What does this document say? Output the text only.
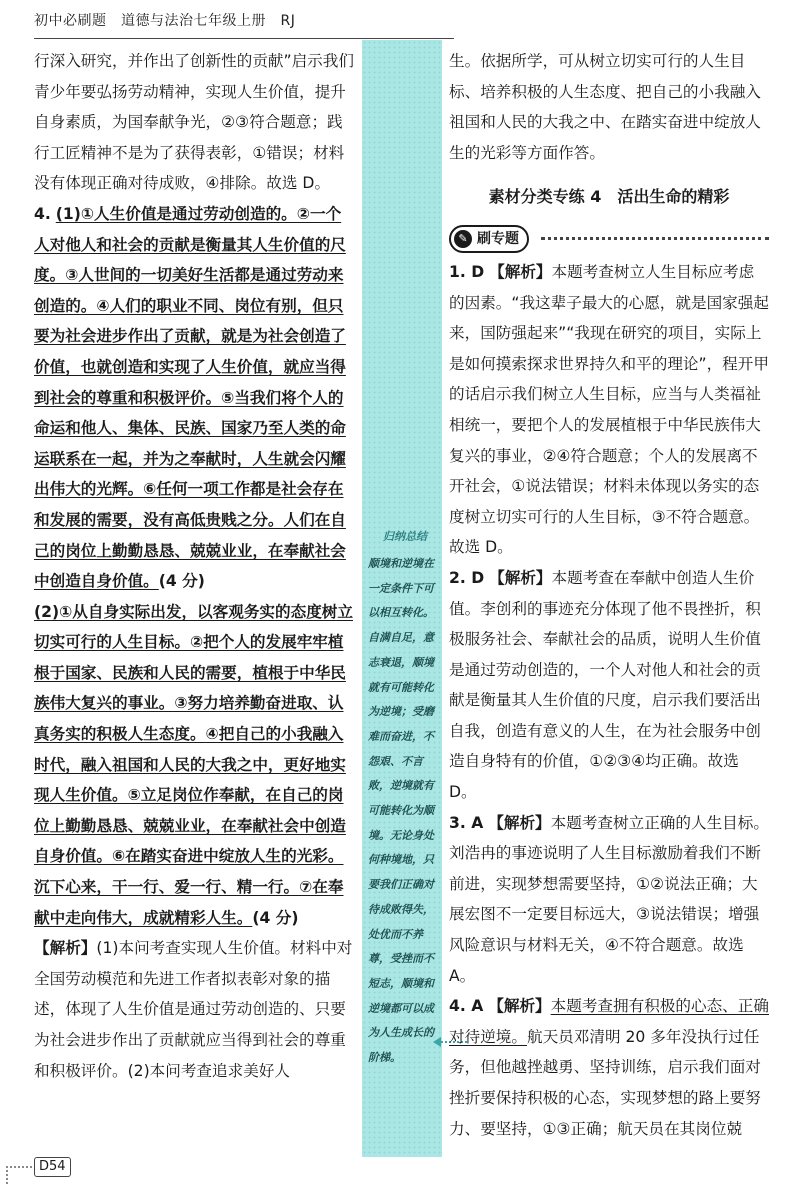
初中必刷题　道德与法治七年级上册　RJ

行深入研究，并作出了创新性的贡献”启示我们青少年要弘扬劳动精神，实现人生价值，提升自身素质，为国奉献争光，②③符合题意；践行工匠精神不是为了获得表彰，①错误；材料没有体现正确对待成败，④排除。故选 D。

4. (1)①人生价值是通过劳动创造的。②一个人对他人和社会的贡献是衡量其人生价值的尺度。③人世间的一切美好生活都是通过劳动来创造的。④人们的职业不同、岗位有别，但只要为社会进步作出了贡献，就是为社会创造了价值，也就创造和实现了人生价值，就应当得到社会的尊重和积极评价。⑤当我们将个人的命运和他人、集体、民族、国家乃至人类的命运联系在一起，并为之奉献时，人生就会闪耀出伟大的光辉。⑥任何一项工作都是社会存在和发展的需要，没有高低贵贱之分。人们在自己的岗位上勤勤恳恳、兢兢业业，在奉献社会中创造自身价值。(4 分)

(2)①从自身实际出发，以客观务实的态度树立切实可行的人生目标。②把个人的发展牢牢植根于国家、民族和人民的需要，植根于中华民族伟大复兴的事业。③努力培养勤奋进取、认真务实的积极人生态度。④把自己的小我融入时代，融入祖国和人民的大我之中，更好地实现人生价值。⑤立足岗位作奉献，在自己的岗位上勤勤恳恳、兢兢业业，在奉献社会中创造自身价值。⑥在踏实奋进中绽放人生的光彩。沉下心来，干一行、爱一行、精一行。⑦在奉献中走向伟大，成就精彩人生。(4 分)

【解析】(1)本问考查实现人生价值。材料中对全国劳动模范和先进工作者拟表彰对象的描述，体现了人生价值是通过劳动创造的、只要为社会进步作出了贡献就应当得到社会的尊重和积极评价。(2)本问考查追求美好人

归纳总结
顺境和逆境在一定条件下可以相互转化。自满自足，意志衰退，顺境就有可能转化为逆境；受磨难而奋进，不怨艰、不言败，逆境就有可能转化为顺境。无论身处何种境地，只要我们正确对待成败得失，处优而不养尊，受挫而不短志，顺境和逆境都可以成为人生成长的阶梯。

生。依据所学，可从树立切实可行的人生目标、培养积极的人生态度、把自己的小我融入祖国和人民的大我之中、在踏实奋进中绽放人生的光彩等方面作答。

素材分类专练 4　活出生命的精彩
✎ 刷专题

1. D 【解析】本题考查树立人生目标应考虑的因素。“我这辈子最大的心愿，就是国家强起来，国防强起来”“我现在研究的项目，实际上是如何摸索探求世界持久和平的理论”，程开甲的话启示我们树立人生目标，应当与人类福祉相统一，要把个人的发展植根于中华民族伟大复兴的事业，②④符合题意；个人的发展离不开社会，①说法错误；材料未体现以务实的态度树立切实可行的人生目标，③不符合题意。故选 D。

2. D 【解析】本题考查在奉献中创造人生价值。李创利的事迹充分体现了他不畏挫折，积极服务社会、奉献社会的品质，说明人生价值是通过劳动创造的，一个人对他人和社会的贡献是衡量其人生价值的尺度，启示我们要活出自我，创造有意义的人生，在为社会服务中创造自身特有的价值，①②③④均正确。故选 D。

3. A 【解析】本题考查树立正确的人生目标。刘浩冉的事迹说明了人生目标激励着我们不断前进，实现梦想需要坚持，①②说法正确；大展宏图不一定要目标远大，③说法错误；增强风险意识与材料无关，④不符合题意。故选 A。

4. A 【解析】本题考查拥有积极的心态、正确对待逆境。航天员邓清明 20 多年没执行过任务，但他越挫越勇、坚持训练，启示我们面对挫折要保持积极的心态，实现梦想的路上要努力、要坚持，①③正确；航天员在其岗位兢

D54
